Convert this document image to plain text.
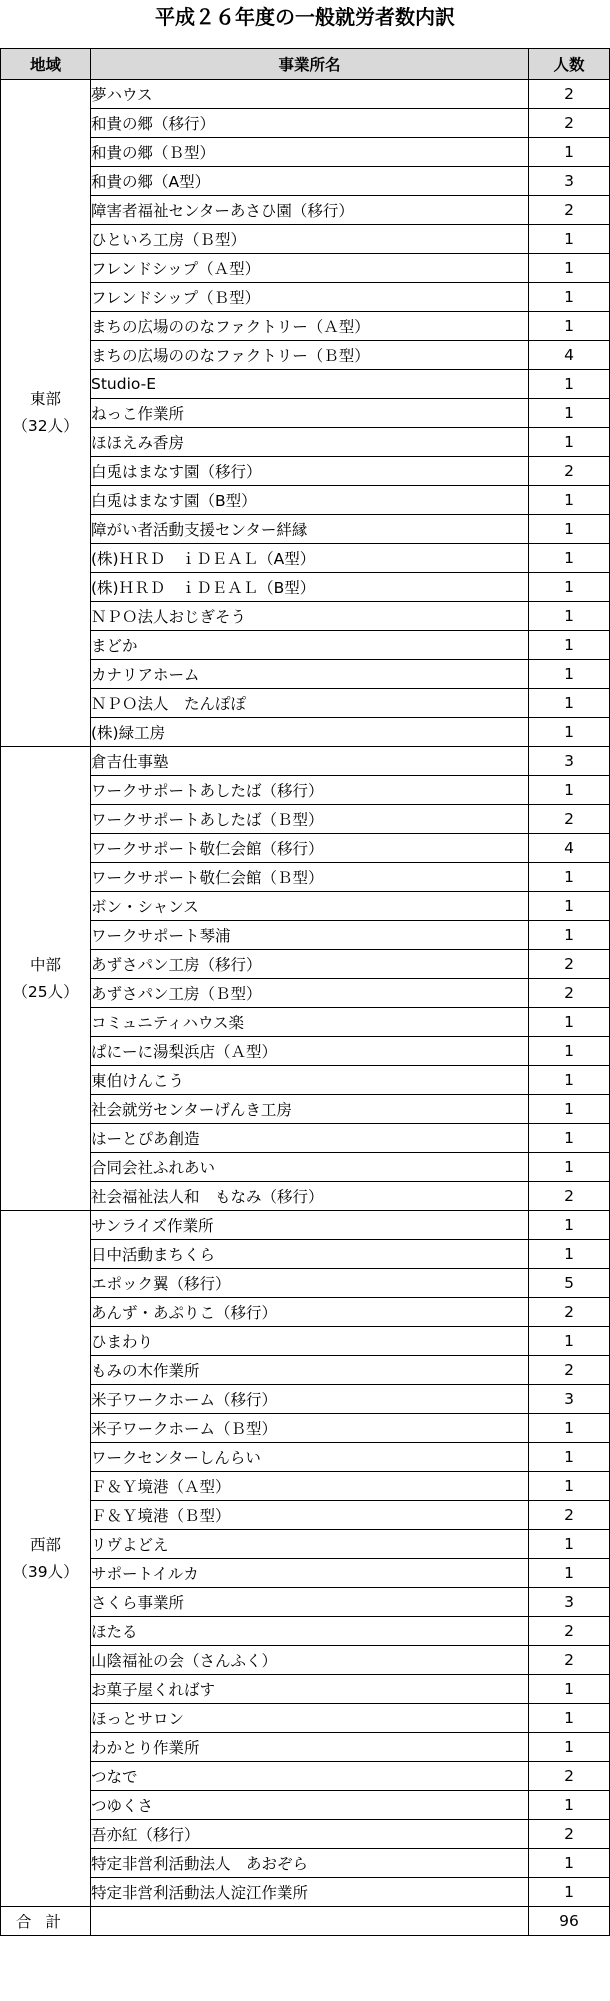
平成２６年度の一般就労者数内訳
地域	事業所名	人数

東部
（32人）	夢ハウス	2
	和貴の郷（移行）	2
	和貴の郷（Ｂ型）	1
	和貴の郷（A型）	3
	障害者福祉センターあさひ園（移行）	2
	ひといろ工房（Ｂ型）	1
	フレンドシップ（Ａ型）	1
	フレンドシップ（Ｂ型）	1
	まちの広場ののなファクトリー（Ａ型）	1
	まちの広場ののなファクトリー（Ｂ型）	4
	Studio-E	1
	ねっこ作業所	1
	ほほえみ香房	1
	白兎はまなす園（移行）	2
	白兎はまなす園（B型）	1
	障がい者活動支援センター絆縁	1
	(株)ＨＲＤ　ｉＤＥＡＬ（A型）	1
	(株)ＨＲＤ　ｉＤＥＡＬ（B型）	1
	ＮＰＯ法人おじぎそう	1
	まどか	1
	カナリアホーム	1
	ＮＰＯ法人　たんぽぽ	1
	(株)緑工房	1

中部
（25人）	倉吉仕事塾	3
	ワークサポートあしたば（移行）	1
	ワークサポートあしたば（Ｂ型）	2
	ワークサポート敬仁会館（移行）	4
	ワークサポート敬仁会館（Ｂ型）	1
	ボン・シャンス	1
	ワークサポート琴浦	1
	あずさパン工房（移行）	2
	あずさパン工房（Ｂ型）	2
	コミュニティハウス楽	1
	ぱにーに湯梨浜店（Ａ型）	1
	東伯けんこう	1
	社会就労センターげんき工房	1
	はーとぴあ創造	1
	合同会社ふれあい	1
	社会福祉法人和　もなみ（移行）	2

西部
（39人）	サンライズ作業所	1
	日中活動まちくら	1
	エポック翼（移行）	5
	あんず・あぷりこ（移行）	2
	ひまわり	1
	もみの木作業所	2
	米子ワークホーム（移行）	3
	米子ワークホーム（Ｂ型）	1
	ワークセンターしんらい	1
	Ｆ＆Ｙ境港（Ａ型）	1
	Ｆ＆Ｙ境港（Ｂ型）	2
	リヴよどえ	1
	サポートイルカ	1
	さくら事業所	3
	ほたる	2
	山陰福祉の会（さんふく）	2
	お菓子屋くればす	1
	ほっとサロン	1
	わかとり作業所	1
	つなで	2
	つゆくさ	1
	吾亦紅（移行）	2
	特定非営利活動法人　あおぞら	1
	特定非営利活動法人淀江作業所	1
合計		96
